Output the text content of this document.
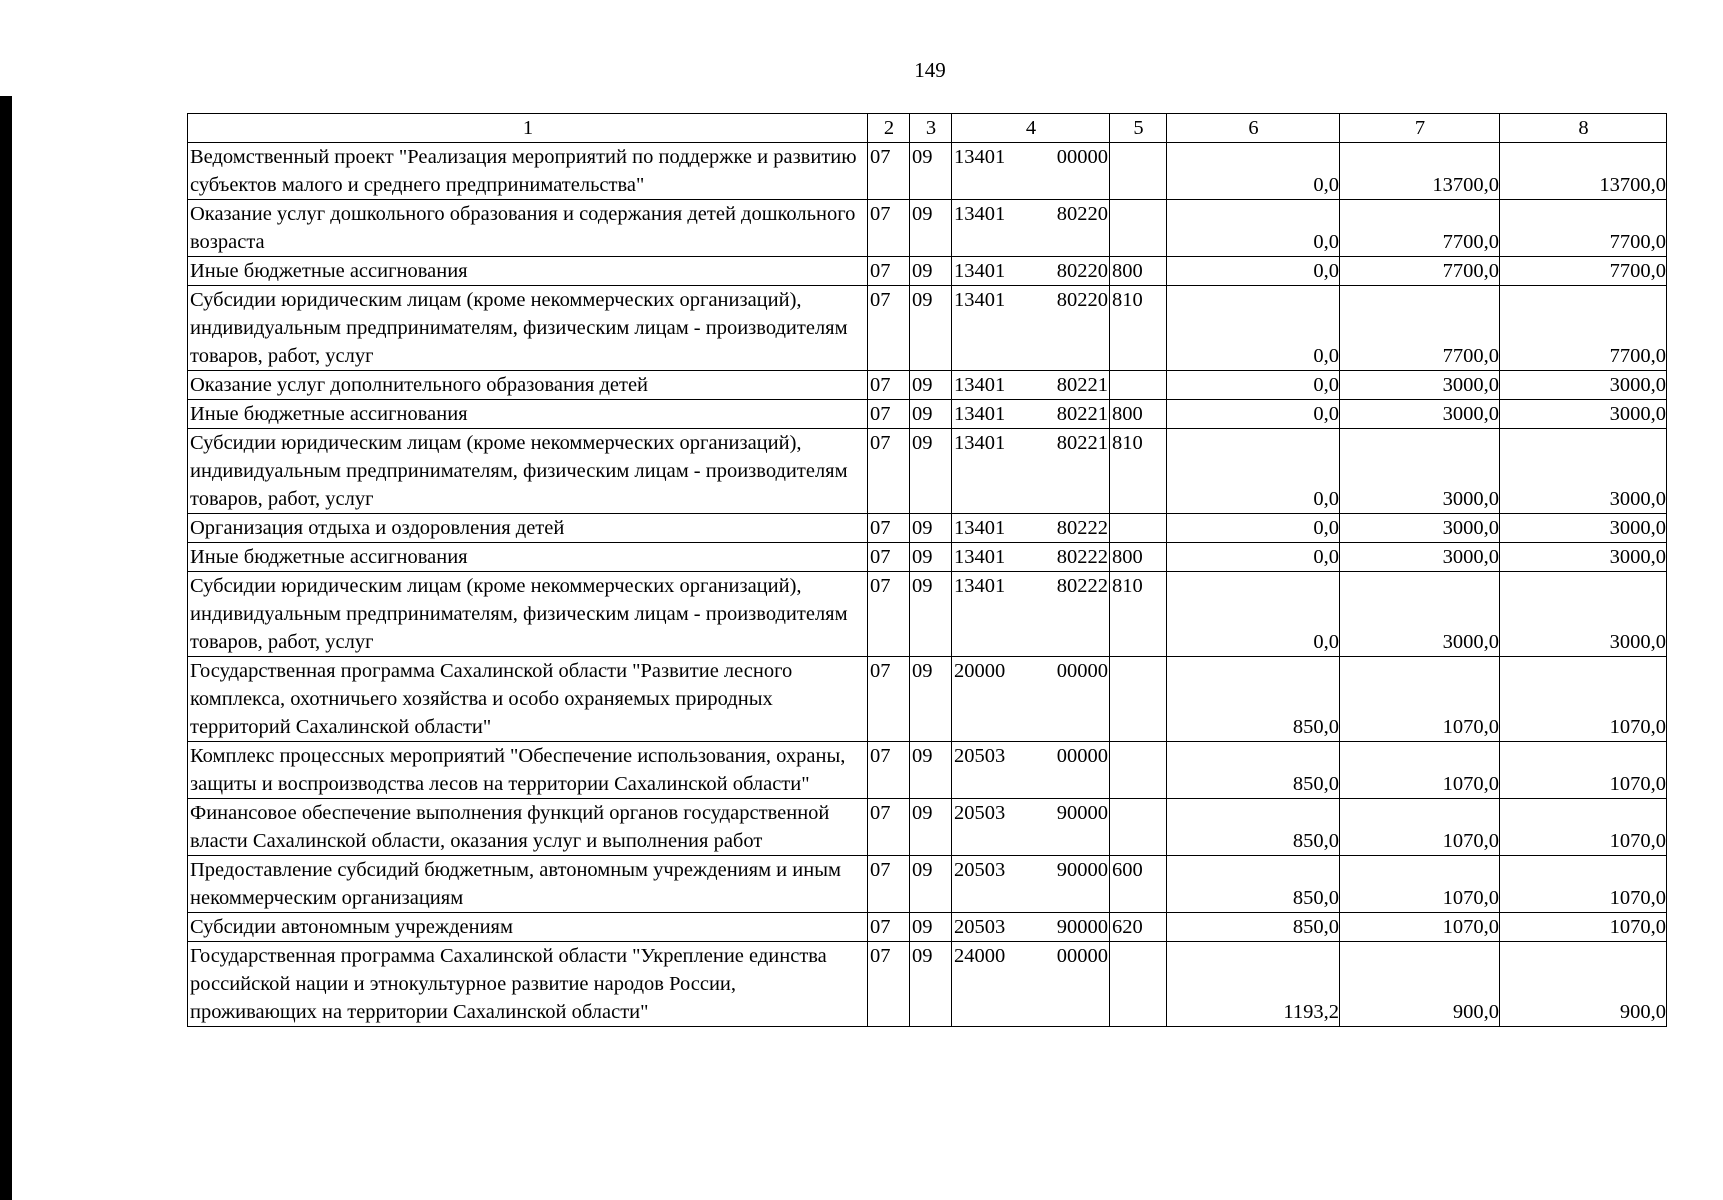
149
1	2	3	4	5	6	7	8
Ведомственный проект "Реализация мероприятий по поддержке и развитию субъектов малого и среднего предпринимательства"	07	09	13401 00000		0,0	13700,0	13700,0
Оказание услуг дошкольного образования и содержания детей дошкольного возраста	07	09	13401 80220		0,0	7700,0	7700,0
Иные бюджетные ассигнования	07	09	13401 80220	800	0,0	7700,0	7700,0
Субсидии юридическим лицам (кроме некоммерческих организаций), индивидуальным предпринимателям, физическим лицам - производителям товаров, работ, услуг	07	09	13401 80220	810	0,0	7700,0	7700,0
Оказание услуг дополнительного образования детей	07	09	13401 80221		0,0	3000,0	3000,0
Иные бюджетные ассигнования	07	09	13401 80221	800	0,0	3000,0	3000,0
Субсидии юридическим лицам (кроме некоммерческих организаций), индивидуальным предпринимателям, физическим лицам - производителям товаров, работ, услуг	07	09	13401 80221	810	0,0	3000,0	3000,0
Организация отдыха и оздоровления детей	07	09	13401 80222		0,0	3000,0	3000,0
Иные бюджетные ассигнования	07	09	13401 80222	800	0,0	3000,0	3000,0
Субсидии юридическим лицам (кроме некоммерческих организаций), индивидуальным предпринимателям, физическим лицам - производителям товаров, работ, услуг	07	09	13401 80222	810	0,0	3000,0	3000,0
Государственная программа Сахалинской области "Развитие лесного комплекса, охотничьего хозяйства и особо охраняемых природных территорий Сахалинской области"	07	09	20000 00000		850,0	1070,0	1070,0
Комплекс процессных мероприятий "Обеспечение использования, охраны, защиты и воспроизводства лесов на территории Сахалинской области"	07	09	20503 00000		850,0	1070,0	1070,0
Финансовое обеспечение выполнения функций органов государственной власти Сахалинской области, оказания услуг и выполнения работ	07	09	20503 90000		850,0	1070,0	1070,0
Предоставление субсидий бюджетным, автономным учреждениям и иным некоммерческим организациям	07	09	20503 90000	600	850,0	1070,0	1070,0
Субсидии автономным учреждениям	07	09	20503 90000	620	850,0	1070,0	1070,0
Государственная программа Сахалинской области "Укрепление единства российской нации и этнокультурное развитие народов России, проживающих на территории Сахалинской области"	07	09	24000 00000		1193,2	900,0	900,0
